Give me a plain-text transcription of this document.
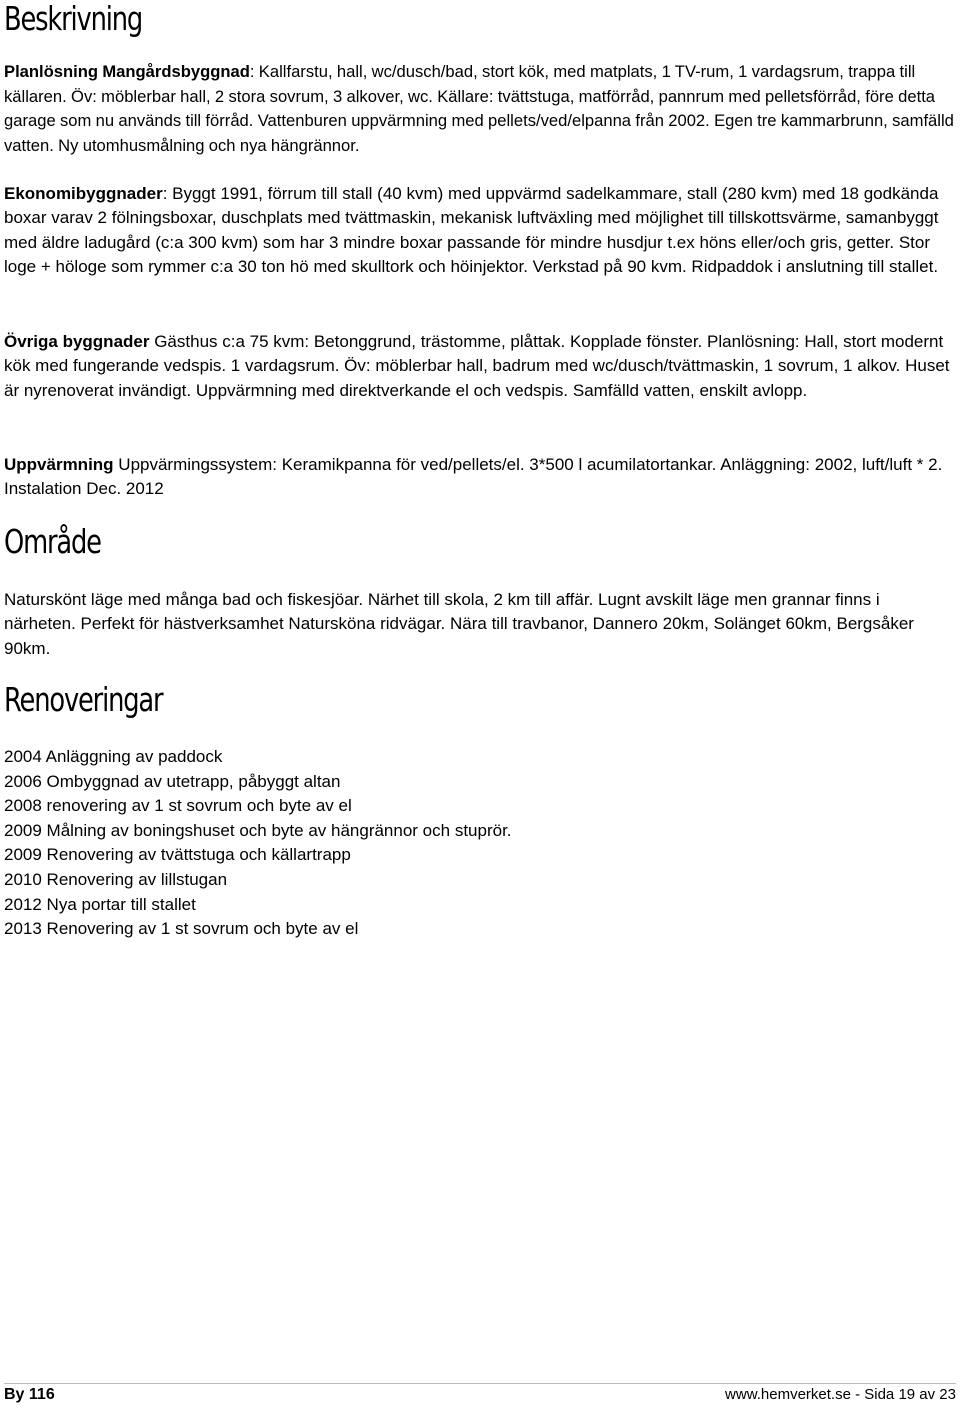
Beskrivning

Planlösning Mangårdsbyggnad: Kallfarstu, hall, wc/dusch/bad, stort kök, med matplats, 1 TV-rum, 1 vardagsrum, trappa till källaren. Öv: möblerbar hall, 2 stora sovrum, 3 alkover, wc. Källare: tvättstuga, matförråd, pannrum med pelletsförråd, före detta garage som nu används till förråd. Vattenburen uppvärmning med pellets/ved/elpanna från 2002. Egen tre kammarbrunn, samfälld vatten. Ny utomhusmålning och nya hängrännor.

Ekonomibyggnader: Byggt 1991, förrum till stall (40 kvm) med uppvärmd sadelkammare, stall (280 kvm) med 18 godkända boxar varav 2 fölningsboxar, duschplats med tvättmaskin, mekanisk luftväxling med möjlighet till tillskottsvärme, samanbyggt med äldre ladugård (c:a 300 kvm) som har 3 mindre boxar passande för mindre husdjur t.ex höns eller/och gris, getter. Stor loge + höloge som rymmer c:a 30 ton hö med skulltork och höinjektor. Verkstad på 90 kvm. Ridpaddok i anslutning till stallet.

Övriga byggnader Gästhus c:a 75 kvm: Betonggrund, trästomme, plåttak. Kopplade fönster. Planlösning: Hall, stort modernt kök med fungerande vedspis. 1 vardagsrum. Öv: möblerbar hall, badrum med wc/dusch/tvättmaskin, 1 sovrum, 1 alkov. Huset är nyrenoverat invändigt. Uppvärmning med direktverkande el och vedspis. Samfälld vatten, enskilt avlopp.

Uppvärmning Uppvärmingssystem: Keramikpanna för ved/pellets/el. 3*500 l acumilatortankar. Anläggning: 2002, luft/luft * 2. Instalation Dec. 2012

Område

Naturskönt läge med många bad och fiskesjöar. Närhet till skola, 2 km till affär. Lugnt avskilt läge men grannar finns i närheten. Perfekt för hästverksamhet Natursköna ridvägar. Nära till travbanor, Dannero 20km, Solänget 60km, Bergsåker 90km.

Renoveringar
2004 Anläggning av paddock
2006 Ombyggnad av utetrapp, påbyggt altan
2008 renovering av 1 st sovrum och byte av el
2009 Målning av boningshuset och byte av hängrännor och stuprör.
2009 Renovering av tvättstuga och källartrapp
2010 Renovering av lillstugan
2012 Nya portar till stallet
2013 Renovering av 1 st sovrum och byte av el
By 116	www.hemverket.se - Sida 19 av 23
